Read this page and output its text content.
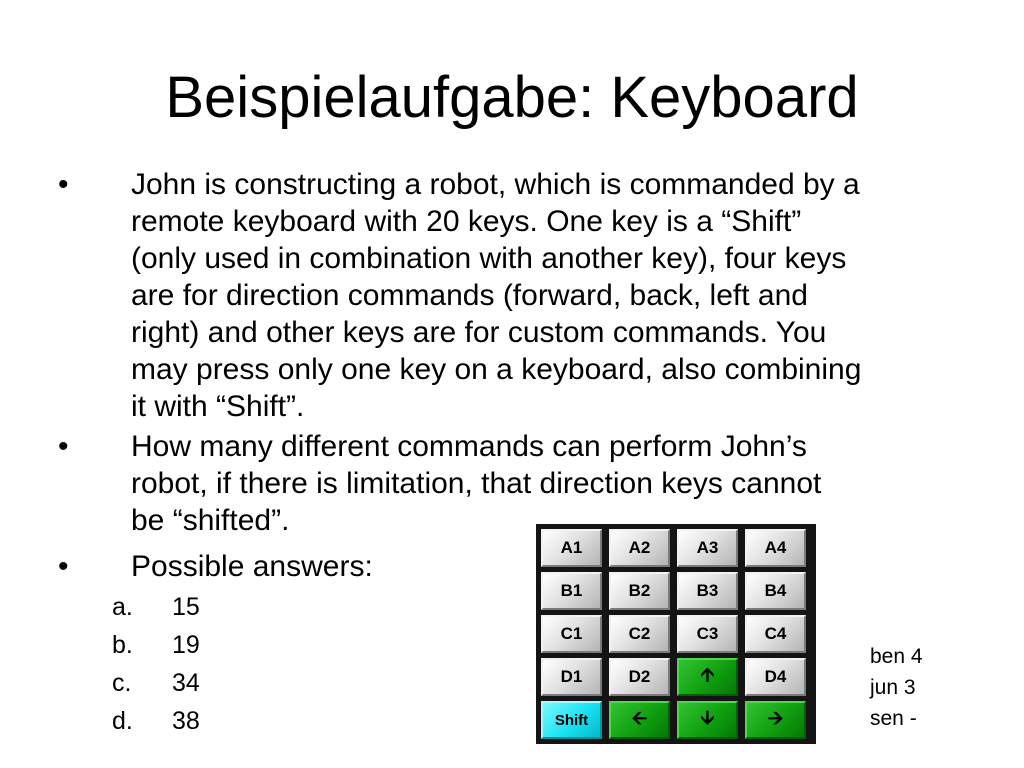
Beispielaufgabe: Keyboard
• John is constructing a robot, which is commanded by a
remote keyboard with 20 keys. One key is a “Shift”
(only used in combination with another key), four keys
are for direction commands (forward, back, left and
right) and other keys are for custom commands. You
may press only one key on a keyboard, also combining
it with “Shift”.
• How many different commands can perform John’s
robot, if there is limitation, that direction keys cannot
be “shifted”.
• Possible answers:
a. 15
b. 19
c. 34
d. 38
A1	A2	A3	A4
B1	B2	B3	B4
C1	C2	C3	C4
D1	D2	🡩	D4
Shift	🡨	🡫	🡪
ben 4
jun 3
sen -
